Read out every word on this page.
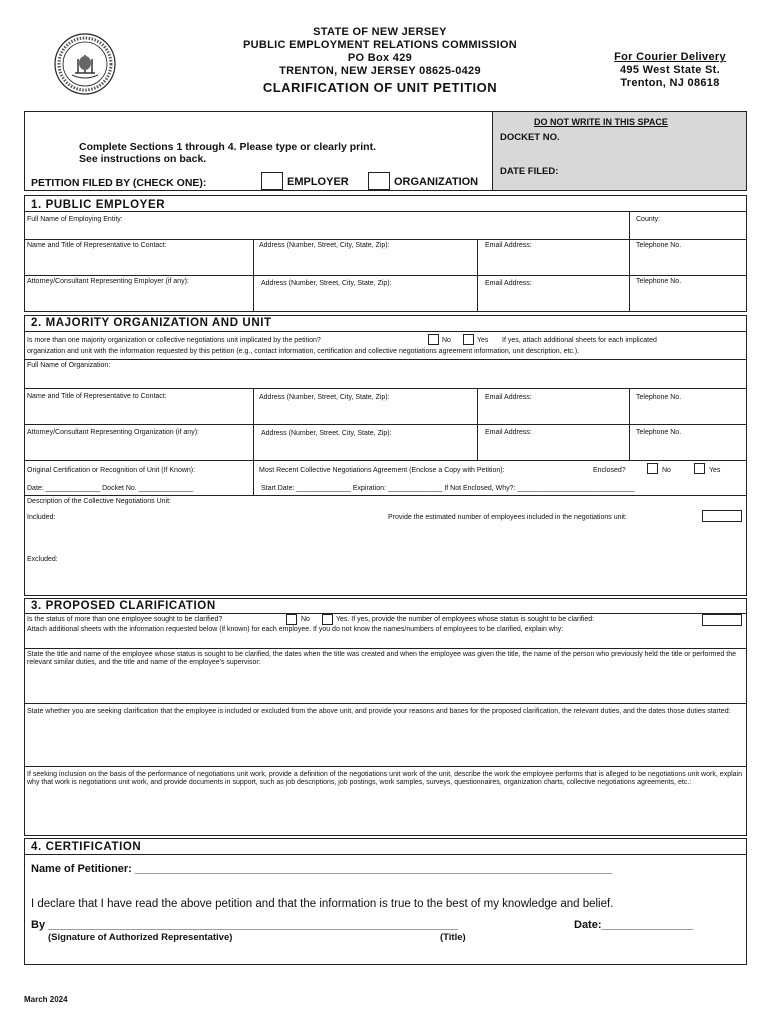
STATE OF NEW JERSEY
PUBLIC EMPLOYMENT RELATIONS COMMISSION
PO Box 429
TRENTON, NEW JERSEY 08625-0429
CLARIFICATION OF UNIT PETITION
For Courier Delivery
495 West State St.
Trenton, NJ 08618
DO NOT WRITE IN THIS SPACE
DOCKET NO.
DATE FILED:
Complete Sections 1 through 4. Please type or clearly print.
See instructions on back.
PETITION FILED BY (CHECK ONE):	EMPLOYER	ORGANIZATION
1. PUBLIC EMPLOYER
Full Name of Employing Entity:	County:
Name and Title of Representative to Contact:	Address (Number, Street, City, State, Zip):	Email Address:	Telephone No.
Attorney/Consultant Representing Employer (if any):	Address (Number, Street, City, State, Zip):	Email Address:	Telephone No.
2. MAJORITY ORGANIZATION AND UNIT
Is more than one majority organization or collective negotiations unit implicated by the petition?	No	Yes If yes, attach additional sheets for each implicated
organization and unit with the information requested by this petition (e.g., contact information, certification and collective negotiations agreement information, unit description, etc.).
Full Name of Organization:
Name and Title of Representative to Contact:	Address (Number, Street, City, State, Zip):	Email Address:	Telephone No.
Attorney/Consultant Representing Organization (if any):	Address (Number, Street, City, State, Zip):	Email Address:	Telephone No.
Original Certification or Recognition of Unit (If Known):
Date: ______________ Docket No. ______________
Most Recent Collective Negotiations Agreement (Enclose a Copy with Petition):	Enclosed?	No	Yes
Start Date: ______________ Expiration: ______________ If Not Enclosed, Why?: ______________________________
Description of the Collective Negotiations Unit:
Included:	Provide the estimated number of employees included in the negotiations unit:
Excluded:
3. PROPOSED CLARIFICATION
Is the status of more than one employee sought to be clarified?	No	Yes. If yes, provide the number of employees whose status is sought to be clarified:
Attach additional sheets with the information requested below (if known) for each employee. If you do not know the names/numbers of employees to be clarified, explain why:
State the title and name of the employee whose status is sought to be clarified, the dates when the title was created and when the employee was given the title, the name of the person who previously held the title or performed the relevant similar duties, and the title and name of the employee's supervisor:
State whether you are seeking clarification that the employee is included or excluded from the above unit, and provide your reasons and bases for the proposed clarification, the relevant duties, and the dates those duties started:
If seeking inclusion on the basis of the performance of negotiations unit work, provide a definition of the negotiations unit work of the unit, describe the work the employee performs that is alleged to be negotiations unit work, explain why that work is negotiations unit work, and provide documents in support, such as job descriptions, job postings, work samples, surveys, questionnaires, organization charts, collective negotiations agreements, etc.:
4. CERTIFICATION
Name of Petitioner: ______________________________________________________________________________
I declare that I have read the above petition and that the information is true to the best of my knowledge and belief.
By ___________________________________________________________________	Date:_______________
(Signature of Authorized Representative)	(Title)
March 2024
